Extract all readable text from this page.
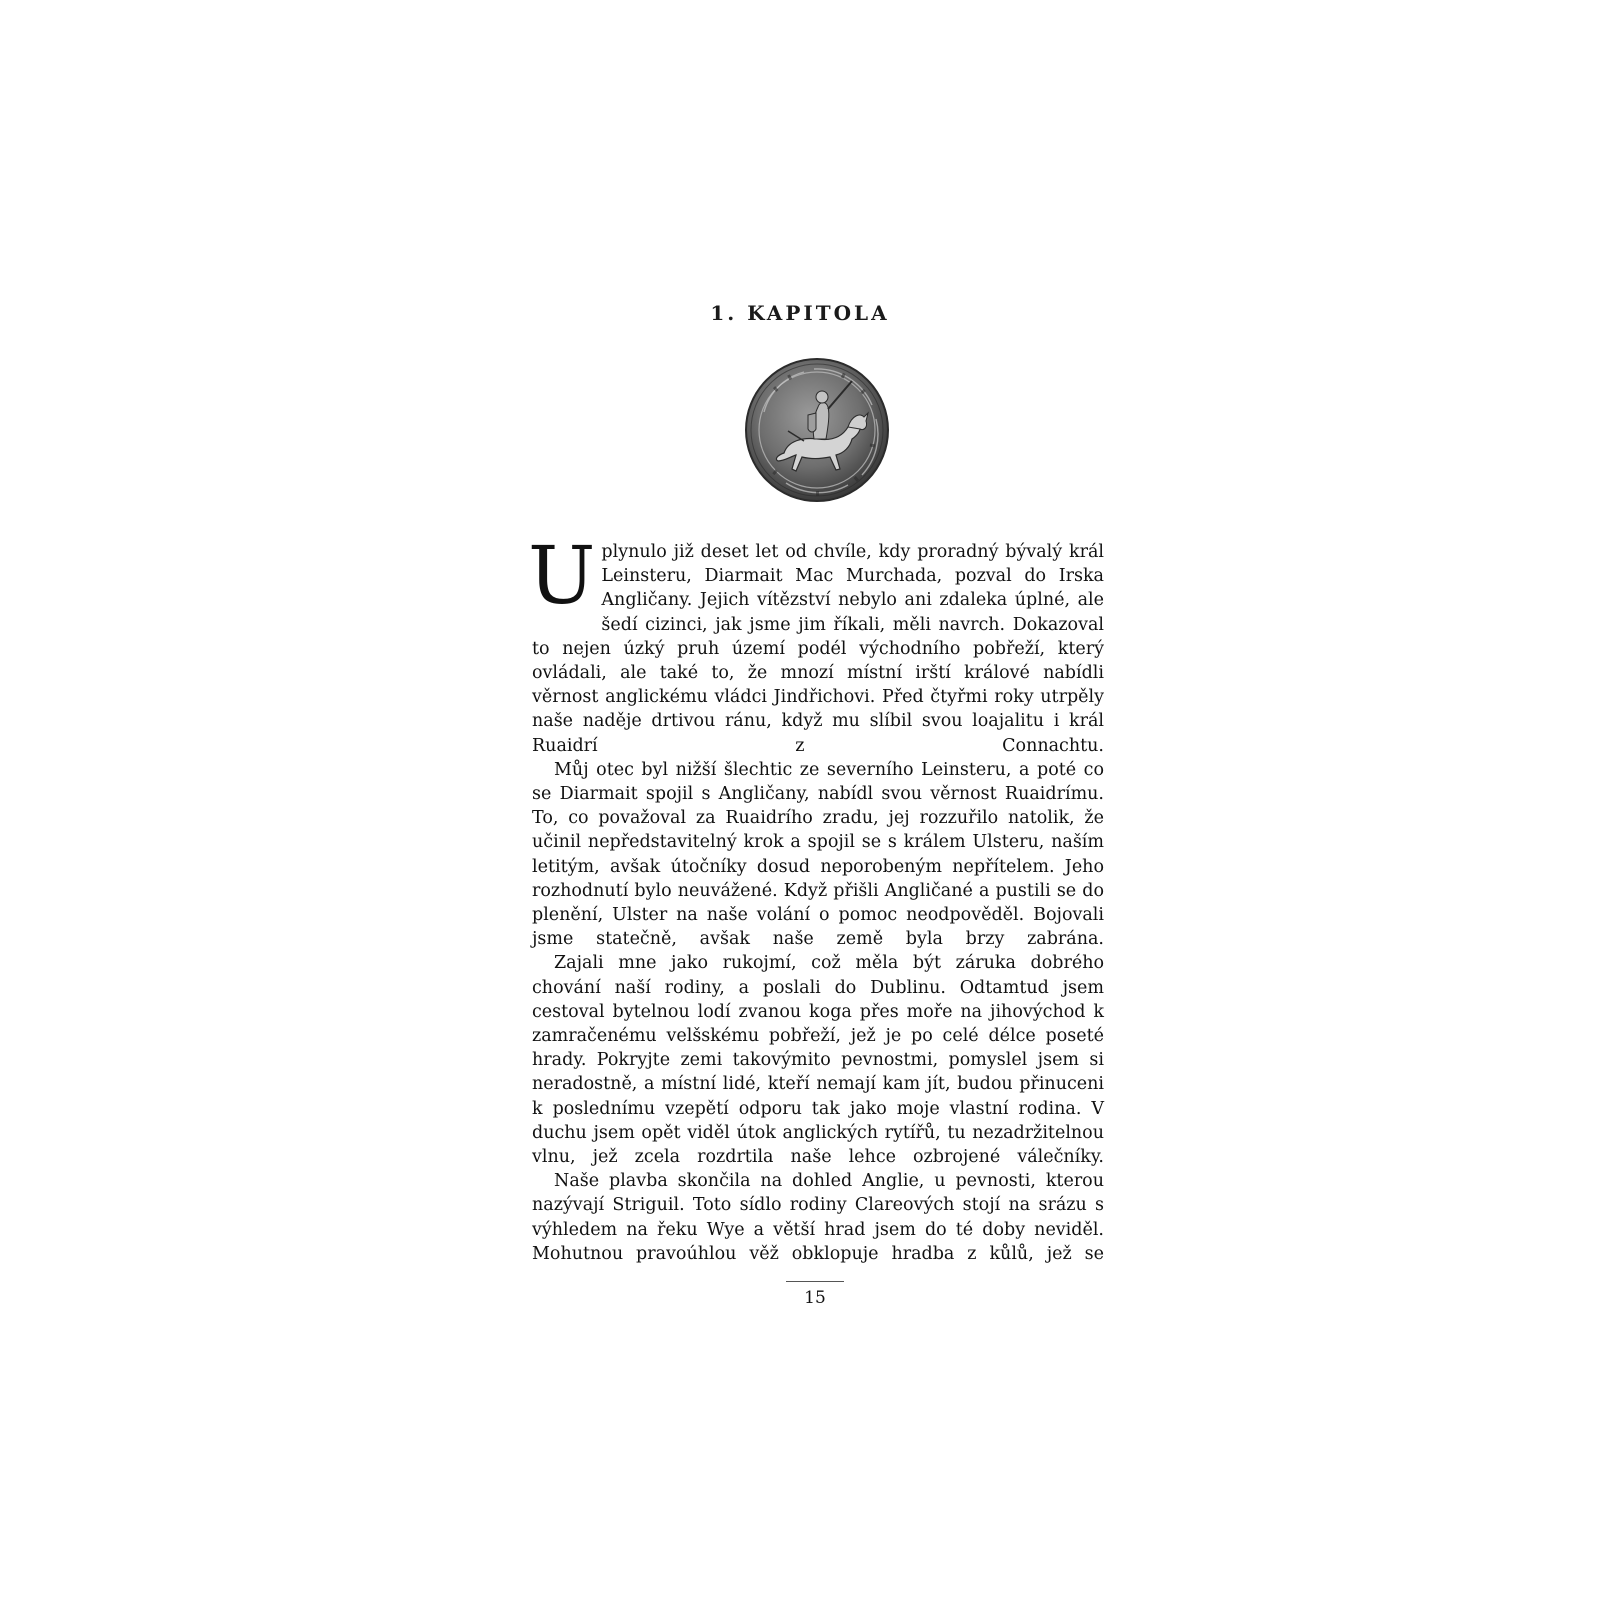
1. KAPITOLA

Uplynulo již deset let od chvíle, kdy proradný bývalý král Leinsteru, Diarmait Mac Murchada, pozval do Irska Angličany. Jejich vítězství nebylo ani zdaleka úplné, ale šedí cizinci, jak jsme jim říkali, měli navrch. Dokazoval to nejen úzký pruh území podél východního pobřeží, který ovládali, ale také to, že mnozí místní irští králové nabídli věrnost anglickému vládci Jindřichovi. Před čtyřmi roky utrpěly naše naděje drtivou ránu, když mu slíbil svou loajalitu i král Ruaidrí z Connachtu.

Můj otec byl nižší šlechtic ze severního Leinsteru, a poté co se Diarmait spojil s Angličany, nabídl svou věrnost Ruaidrímu. To, co považoval za Ruaidrího zradu, jej rozzuřilo natolik, že učinil nepředstavitelný krok a spojil se s králem Ulsteru, naším letitým, avšak útočníky dosud neporobeným nepřítelem. Jeho rozhodnutí bylo neuvážené. Když přišli Angličané a pustili se do plenění, Ulster na naše volání o pomoc neodpověděl. Bojovali jsme statečně, avšak naše země byla brzy zabrána.

Zajali mne jako rukojmí, což měla být záruka dobrého chování naší rodiny, a poslali do Dublinu. Odtamtud jsem cestoval bytelnou lodí zvanou koga přes moře na jihovýchod k zamračenému velšskému pobřeží, jež je po celé délce poseté hrady. Pokryjte zemi takovýmito pevnostmi, pomyslel jsem si neradostně, a místní lidé, kteří nemají kam jít, budou přinuceni k poslednímu vzepětí odporu tak jako moje vlastní rodina. V duchu jsem opět viděl útok anglických rytířů, tu nezadržitelnou vlnu, jež zcela rozdrtila naše lehce ozbrojené válečníky.

Naše plavba skončila na dohled Anglie, u pevnosti, kterou nazývají Striguil. Toto sídlo rodiny Clareových stojí na srázu s výhledem na řeku Wye a větší hrad jsem do té doby neviděl. Mohutnou pravoúhlou věž obklopuje hradba z kůlů, jež se

15
